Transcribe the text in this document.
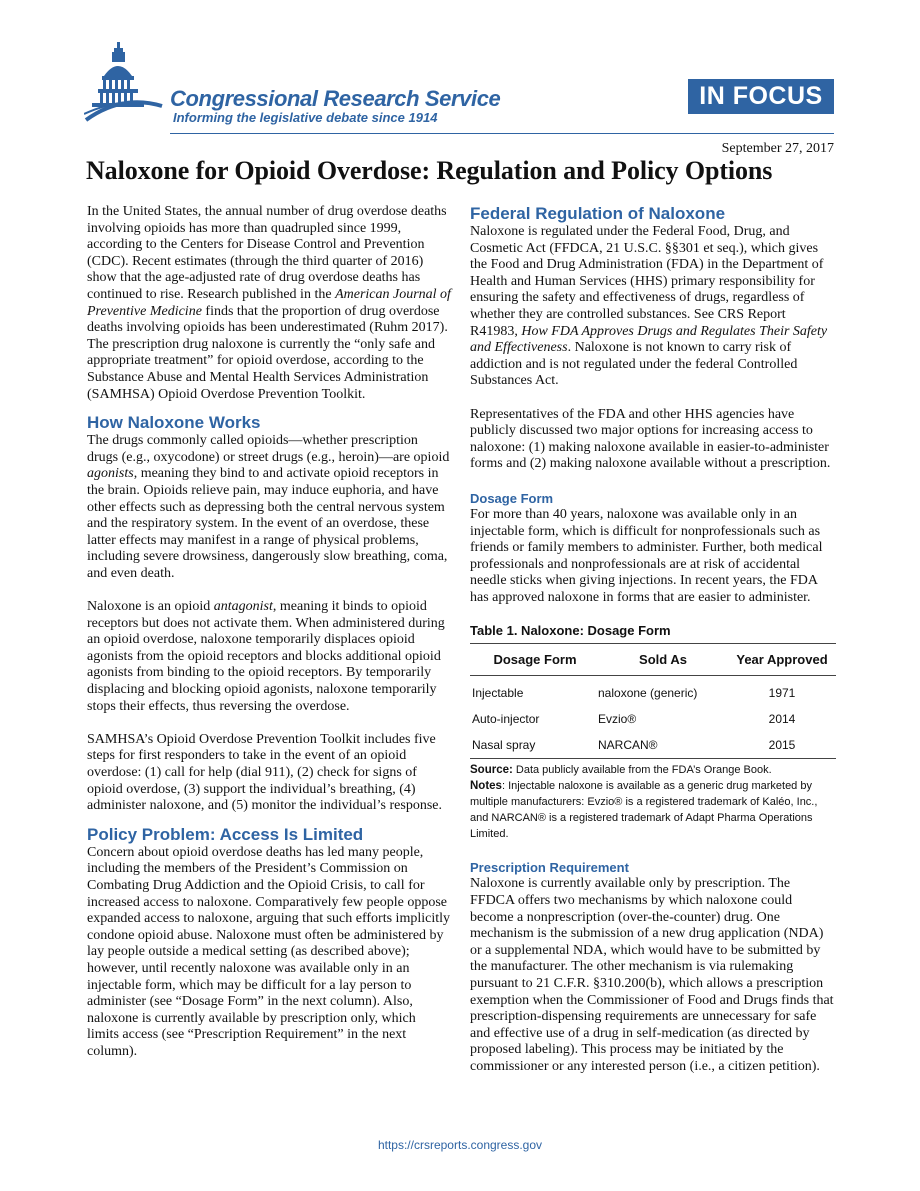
Congressional Research Service
Informing the legislative debate since 1914
IN FOCUS
September 27, 2017
Naloxone for Opioid Overdose: Regulation and Policy Options

In the United States, the annual number of drug overdose deaths involving opioids has more than quadrupled since 1999, according to the Centers for Disease Control and Prevention (CDC). Recent estimates (through the third quarter of 2016) show that the age-adjusted rate of drug overdose deaths has continued to rise. Research published in the American Journal of Preventive Medicine finds that the proportion of drug overdose deaths involving opioids has been underestimated (Ruhm 2017). The prescription drug naloxone is currently the “only safe and appropriate treatment” for opioid overdose, according to the Substance Abuse and Mental Health Services Administration (SAMHSA) Opioid Overdose Prevention Toolkit.

How Naloxone Works

The drugs commonly called opioids—whether prescription drugs (e.g., oxycodone) or street drugs (e.g., heroin)—are opioid agonists, meaning they bind to and activate opioid receptors in the brain. Opioids relieve pain, may induce euphoria, and have other effects such as depressing both the central nervous system and the respiratory system. In the event of an overdose, these latter effects may manifest in a range of physical problems, including severe drowsiness, dangerously slow breathing, coma, and even death.

Naloxone is an opioid antagonist, meaning it binds to opioid receptors but does not activate them. When administered during an opioid overdose, naloxone temporarily displaces opioid agonists from the opioid receptors and blocks additional opioid agonists from binding to the opioid receptors. By temporarily displacing and blocking opioid agonists, naloxone temporarily stops their effects, thus reversing the overdose.

SAMHSA’s Opioid Overdose Prevention Toolkit includes five steps for first responders to take in the event of an opioid overdose: (1) call for help (dial 911), (2) check for signs of opioid overdose, (3) support the individual’s breathing, (4) administer naloxone, and (5) monitor the individual’s response.

Policy Problem: Access Is Limited

Concern about opioid overdose deaths has led many people, including the members of the President’s Commission on Combating Drug Addiction and the Opioid Crisis, to call for increased access to naloxone. Comparatively few people oppose expanded access to naloxone, arguing that such efforts implicitly condone opioid abuse. Naloxone must often be administered by lay people outside a medical setting (as described above); however, until recently naloxone was available only in an injectable form, which may be difficult for a lay person to administer (see “Dosage Form” in the next column). Also, naloxone is currently available by prescription only, which limits access (see “Prescription Requirement” in the next column).

Federal Regulation of Naloxone

Naloxone is regulated under the Federal Food, Drug, and Cosmetic Act (FFDCA, 21 U.S.C. §§301 et seq.), which gives the Food and Drug Administration (FDA) in the Department of Health and Human Services (HHS) primary responsibility for ensuring the safety and effectiveness of drugs, regardless of whether they are controlled substances. See CRS Report R41983, How FDA Approves Drugs and Regulates Their Safety and Effectiveness. Naloxone is not known to carry risk of addiction and is not regulated under the federal Controlled Substances Act.

Representatives of the FDA and other HHS agencies have publicly discussed two major options for increasing access to naloxone: (1) making naloxone available in easier-to-administer forms and (2) making naloxone available without a prescription.

Dosage Form

For more than 40 years, naloxone was available only in an injectable form, which is difficult for nonprofessionals such as friends or family members to administer. Further, both medical professionals and nonprofessionals are at risk of accidental needle sticks when giving injections. In recent years, the FDA has approved naloxone in forms that are easier to administer.

Table 1. Naloxone: Dosage Form
Dosage Form	Sold As	Year Approved
Injectable	naloxone (generic)	1971
Auto-injector	Evzio®	2014
Nasal spray	NARCAN®	2015
Source: Data publicly available from the FDA’s Orange Book.
Notes: Injectable naloxone is available as a generic drug marketed by multiple manufacturers: Evzio® is a registered trademark of Kaléo, Inc., and NARCAN® is a registered trademark of Adapt Pharma Operations Limited.
Prescription Requirement

Naloxone is currently available only by prescription. The FFDCA offers two mechanisms by which naloxone could become a nonprescription (over-the-counter) drug. One mechanism is the submission of a new drug application (NDA) or a supplemental NDA, which would have to be submitted by the manufacturer. The other mechanism is via rulemaking pursuant to 21 C.F.R. §310.200(b), which allows a prescription exemption when the Commissioner of Food and Drugs finds that prescription-dispensing requirements are unnecessary for safe and effective use of a drug in self-medication (as directed by proposed labeling). This process may be initiated by the commissioner or any interested person (i.e., a citizen petition).

https://crsreports.congress.gov
